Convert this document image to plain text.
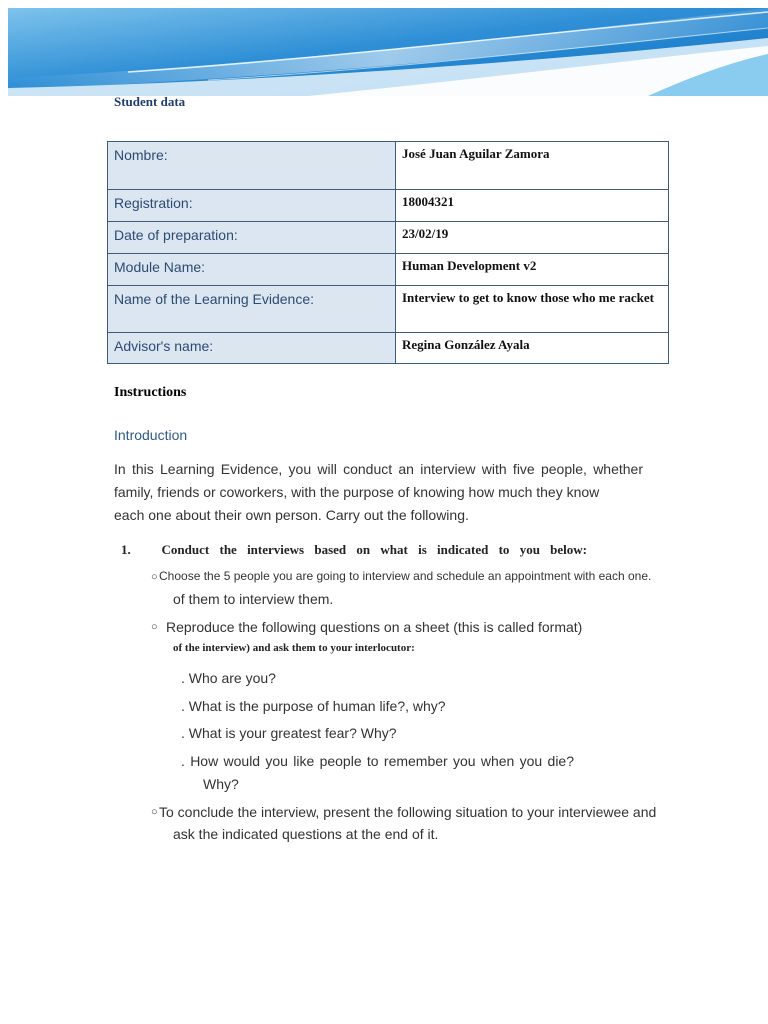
Student data
Nombre:	José Juan Aguilar Zamora
Registration:	18004321
Date of preparation:	23/02/19
Module Name:	Human Development v2
Name of the Learning Evidence:	Interview to get to know those who me racket
Advisor's name:	Regina González Ayala
Instructions
Introduction
In this Learning Evidence, you will conduct an interview with five people, whether
family, friends or coworkers, with the purpose of knowing how much they know
each one about their own person. Carry out the following.
1. Conduct the interviews based on what is indicated to you below:
○ Choose the 5 people you are going to interview and schedule an appointment with each one.
of them to interview them.
○ Reproduce the following questions on a sheet (this is called format)
of the interview) and ask them to your interlocutor:
. Who are you?
. What is the purpose of human life?, why?
. What is your greatest fear? Why?
. How would you like people to remember you when you die?
Why?
○ To conclude the interview, present the following situation to your interviewee and
ask the indicated questions at the end of it.
